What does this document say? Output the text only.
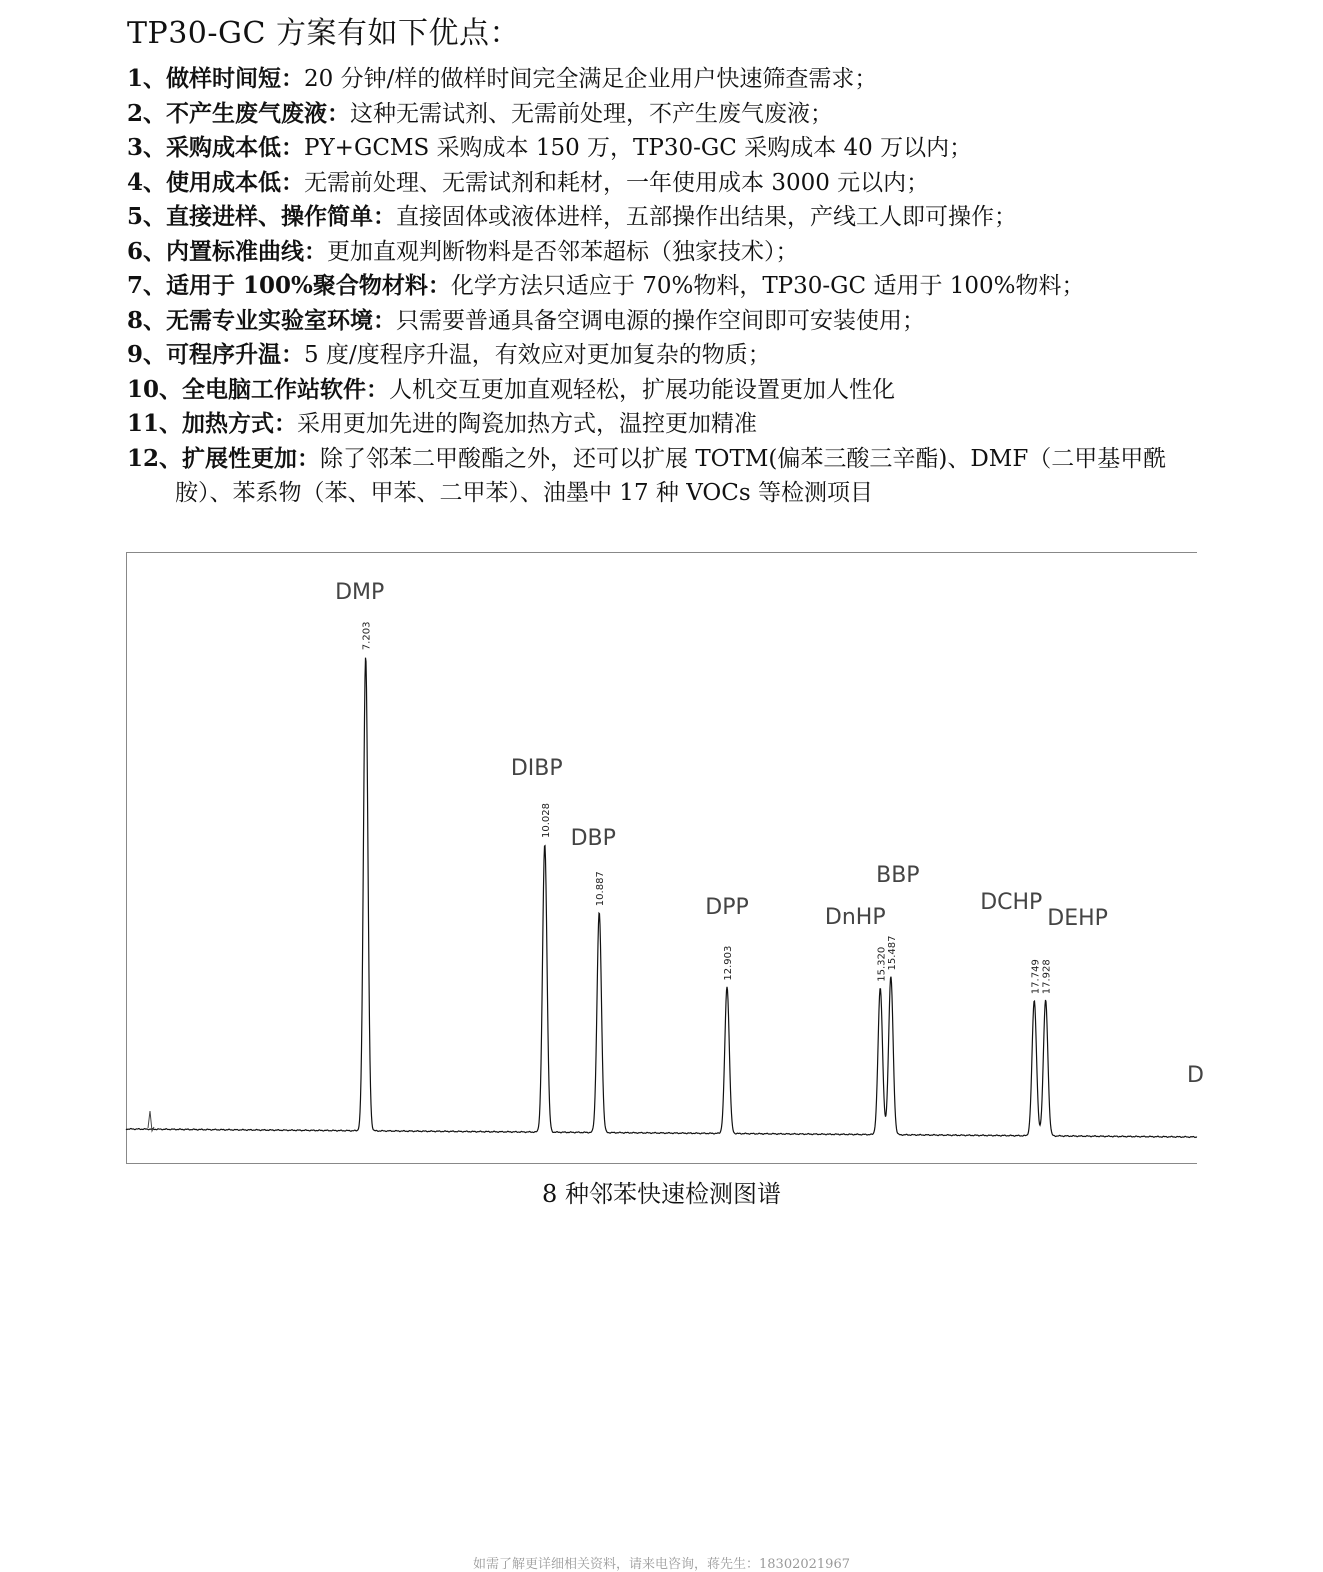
TP30-GC 方案有如下优点：
1、做样时间短：20 分钟/样的做样时间完全满足企业用户快速筛查需求；
2、不产生废气废液：这种无需试剂、无需前处理，不产生废气废液；
3、采购成本低：PY+GCMS 采购成本 150 万，TP30-GC 采购成本 40 万以内；
4、使用成本低：无需前处理、无需试剂和耗材，一年使用成本 3000 元以内；
5、直接进样、操作简单：直接固体或液体进样，五部操作出结果，产线工人即可操作；
6、内置标准曲线：更加直观判断物料是否邻苯超标（独家技术）；
7、适用于 100%聚合物材料：化学方法只适应于 70%物料，TP30-GC 适用于 100%物料；
8、无需专业实验室环境：只需要普通具备空调电源的操作空间即可安装使用；
9、可程序升温：5 度/度程序升温，有效应对更加复杂的物质；
10、全电脑工作站软件：人机交互更加直观轻松，扩展功能设置更加人性化
11、加热方式：采用更加先进的陶瓷加热方式，温控更加精准
12、扩展性更加：除了邻苯二甲酸酯之外，还可以扩展 TOTM(偏苯三酸三辛酯)、DMF（二甲基甲酰胺）、苯系物（苯、甲苯、二甲苯）、油墨中 17 种 VOCs 等检测项目
7.203
DMP
10.028
DIBP
10.887
DBP
12.903
DPP
15.320
DnHP
15.487
BBP
17.749
DCHP
17.928
DEHP
D
8 种邻苯快速检测图谱
如需了解更详细相关资料，请来电咨询，蒋先生：18302021967
